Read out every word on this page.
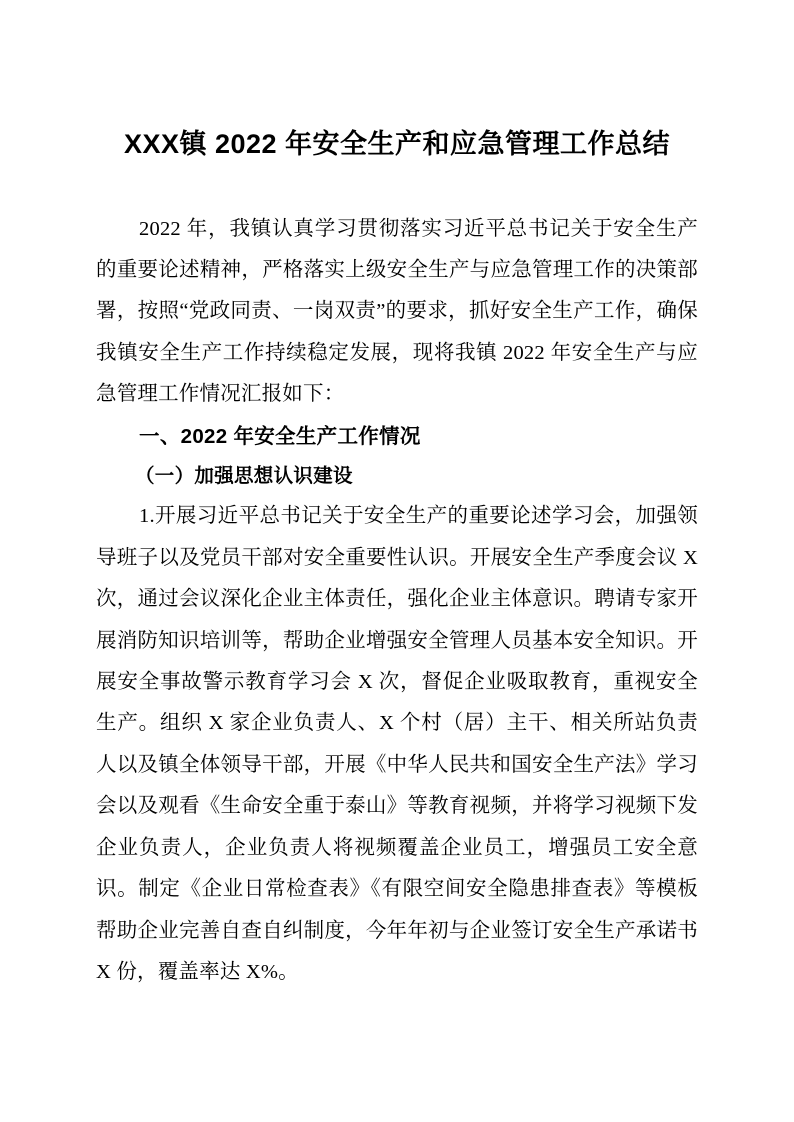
XXX镇 2022 年安全生产和应急管理工作总结

2022 年，我镇认真学习贯彻落实习近平总书记关于安全生产的重要论述精神，严格落实上级安全生产与应急管理工作的决策部署，按照“党政同责、一岗双责”的要求，抓好安全生产工作，确保我镇安全生产工作持续稳定发展，现将我镇 2022 年安全生产与应急管理工作情况汇报如下：

一、2022 年安全生产工作情况

（一）加强思想认识建设

1.开展习近平总书记关于安全生产的重要论述学习会，加强领导班子以及党员干部对安全重要性认识。开展安全生产季度会议 X 次，通过会议深化企业主体责任，强化企业主体意识。聘请专家开展消防知识培训等，帮助企业增强安全管理人员基本安全知识。开展安全事故警示教育学习会 X 次，督促企业吸取教育，重视安全生产。组织 X 家企业负责人、X 个村（居）主干、相关所站负责人以及镇全体领导干部，开展《中华人民共和国安全生产法》学习会以及观看《生命安全重于泰山》等教育视频，并将学习视频下发企业负责人，企业负责人将视频覆盖企业员工，增强员工安全意识。制定《企业日常检查表》《有限空间安全隐患排查表》等模板帮助企业完善自查自纠制度，今年年初与企业签订安全生产承诺书 X 份，覆盖率达 X%。
